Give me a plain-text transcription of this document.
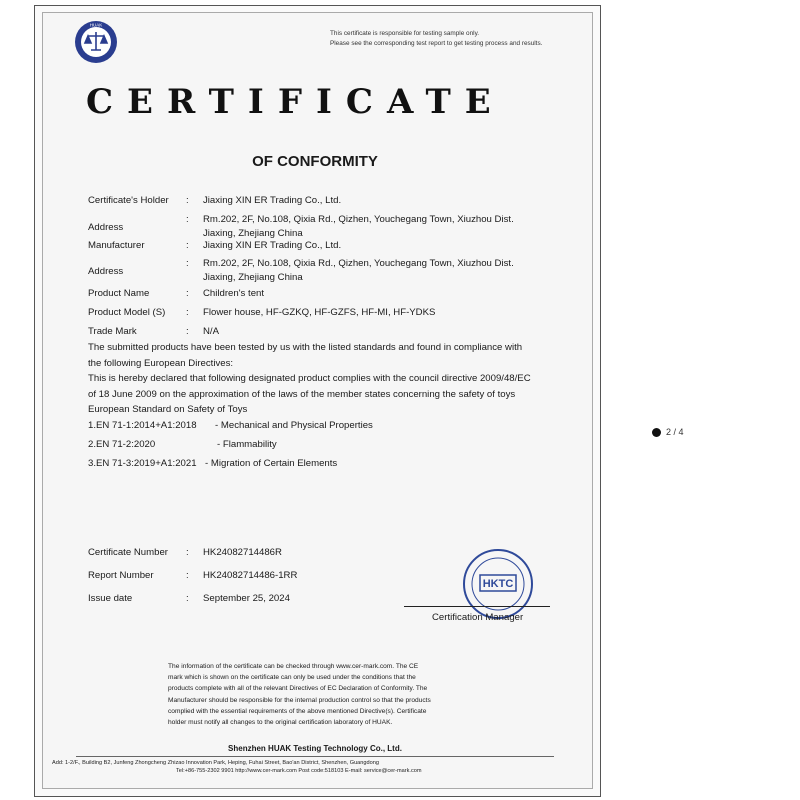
HUAK
This certificate is responsible for testing sample only.
Please see the corresponding test report to get testing process and results.
CERTIFICATE
OF CONFORMITY
Certificate's Holder : Jiaxing XIN ER Trading Co., Ltd.
Address
: Rm.202, 2F, No.108, Qixia Rd., Qizhen, Youchegang Town, Xiuzhou Dist.
Jiaxing, Zhejiang China
Manufacturer	: Jiaxing XIN ER Trading Co., Ltd.
Address
: Rm.202, 2F, No.108, Qixia Rd., Qizhen, Youchegang Town, Xiuzhou Dist.
Jiaxing, Zhejiang China
Product Name	: Children's tent
Product Model (S) : Flower house, HF-GZKQ, HF-GZFS, HF-MI, HF-YDKS
Trade Mark	: N/A
The submitted products have been tested by us with the listed standards and found in compliance with
the following European Directives:
This is hereby declared that following designated product complies with the council directive 2009/48/EC
of 18 June 2009 on the approximation of the laws of the member states concerning the safety of toys
European Standard on Safety of Toys
1.EN 71-1:2014+A1:2018 - Mechanical and Physical Properties
2.EN 71-2:2020	- Flammability
3.EN 71-3:2019+A1:2021 - Migration of Certain Elements
Certificate Number : HK24082714486R
Report Number	: HK24082714486-1RR
Issue date	: September 25, 2024
HKTC
Certification Manager
The information of the certificate can be checked through www.cer-mark.com. The CE
mark which is shown on the certificate can only be used under the conditions that the
products complete with all of the relevant Directives of EC Declaration of Conformity. The
Manufacturer should be responsible for the internal production control so that the products
complied with the essential requirements of the above mentioned Directive(s). Certificate
holder must notify all changes to the original certification laboratory of HUAK.
Shenzhen HUAK Testing Technology Co., Ltd.
Add: 1-2/F., Building B2, Junfeng Zhongcheng Zhizao Innovation Park, Heping, Fuhai Street, Bao'an District, Shenzhen, Guangdong
Tel:+86-755-2302 9901 http://www.cer-mark.com Post code:518103 E-mail: service@cer-mark.com
2 / 4
